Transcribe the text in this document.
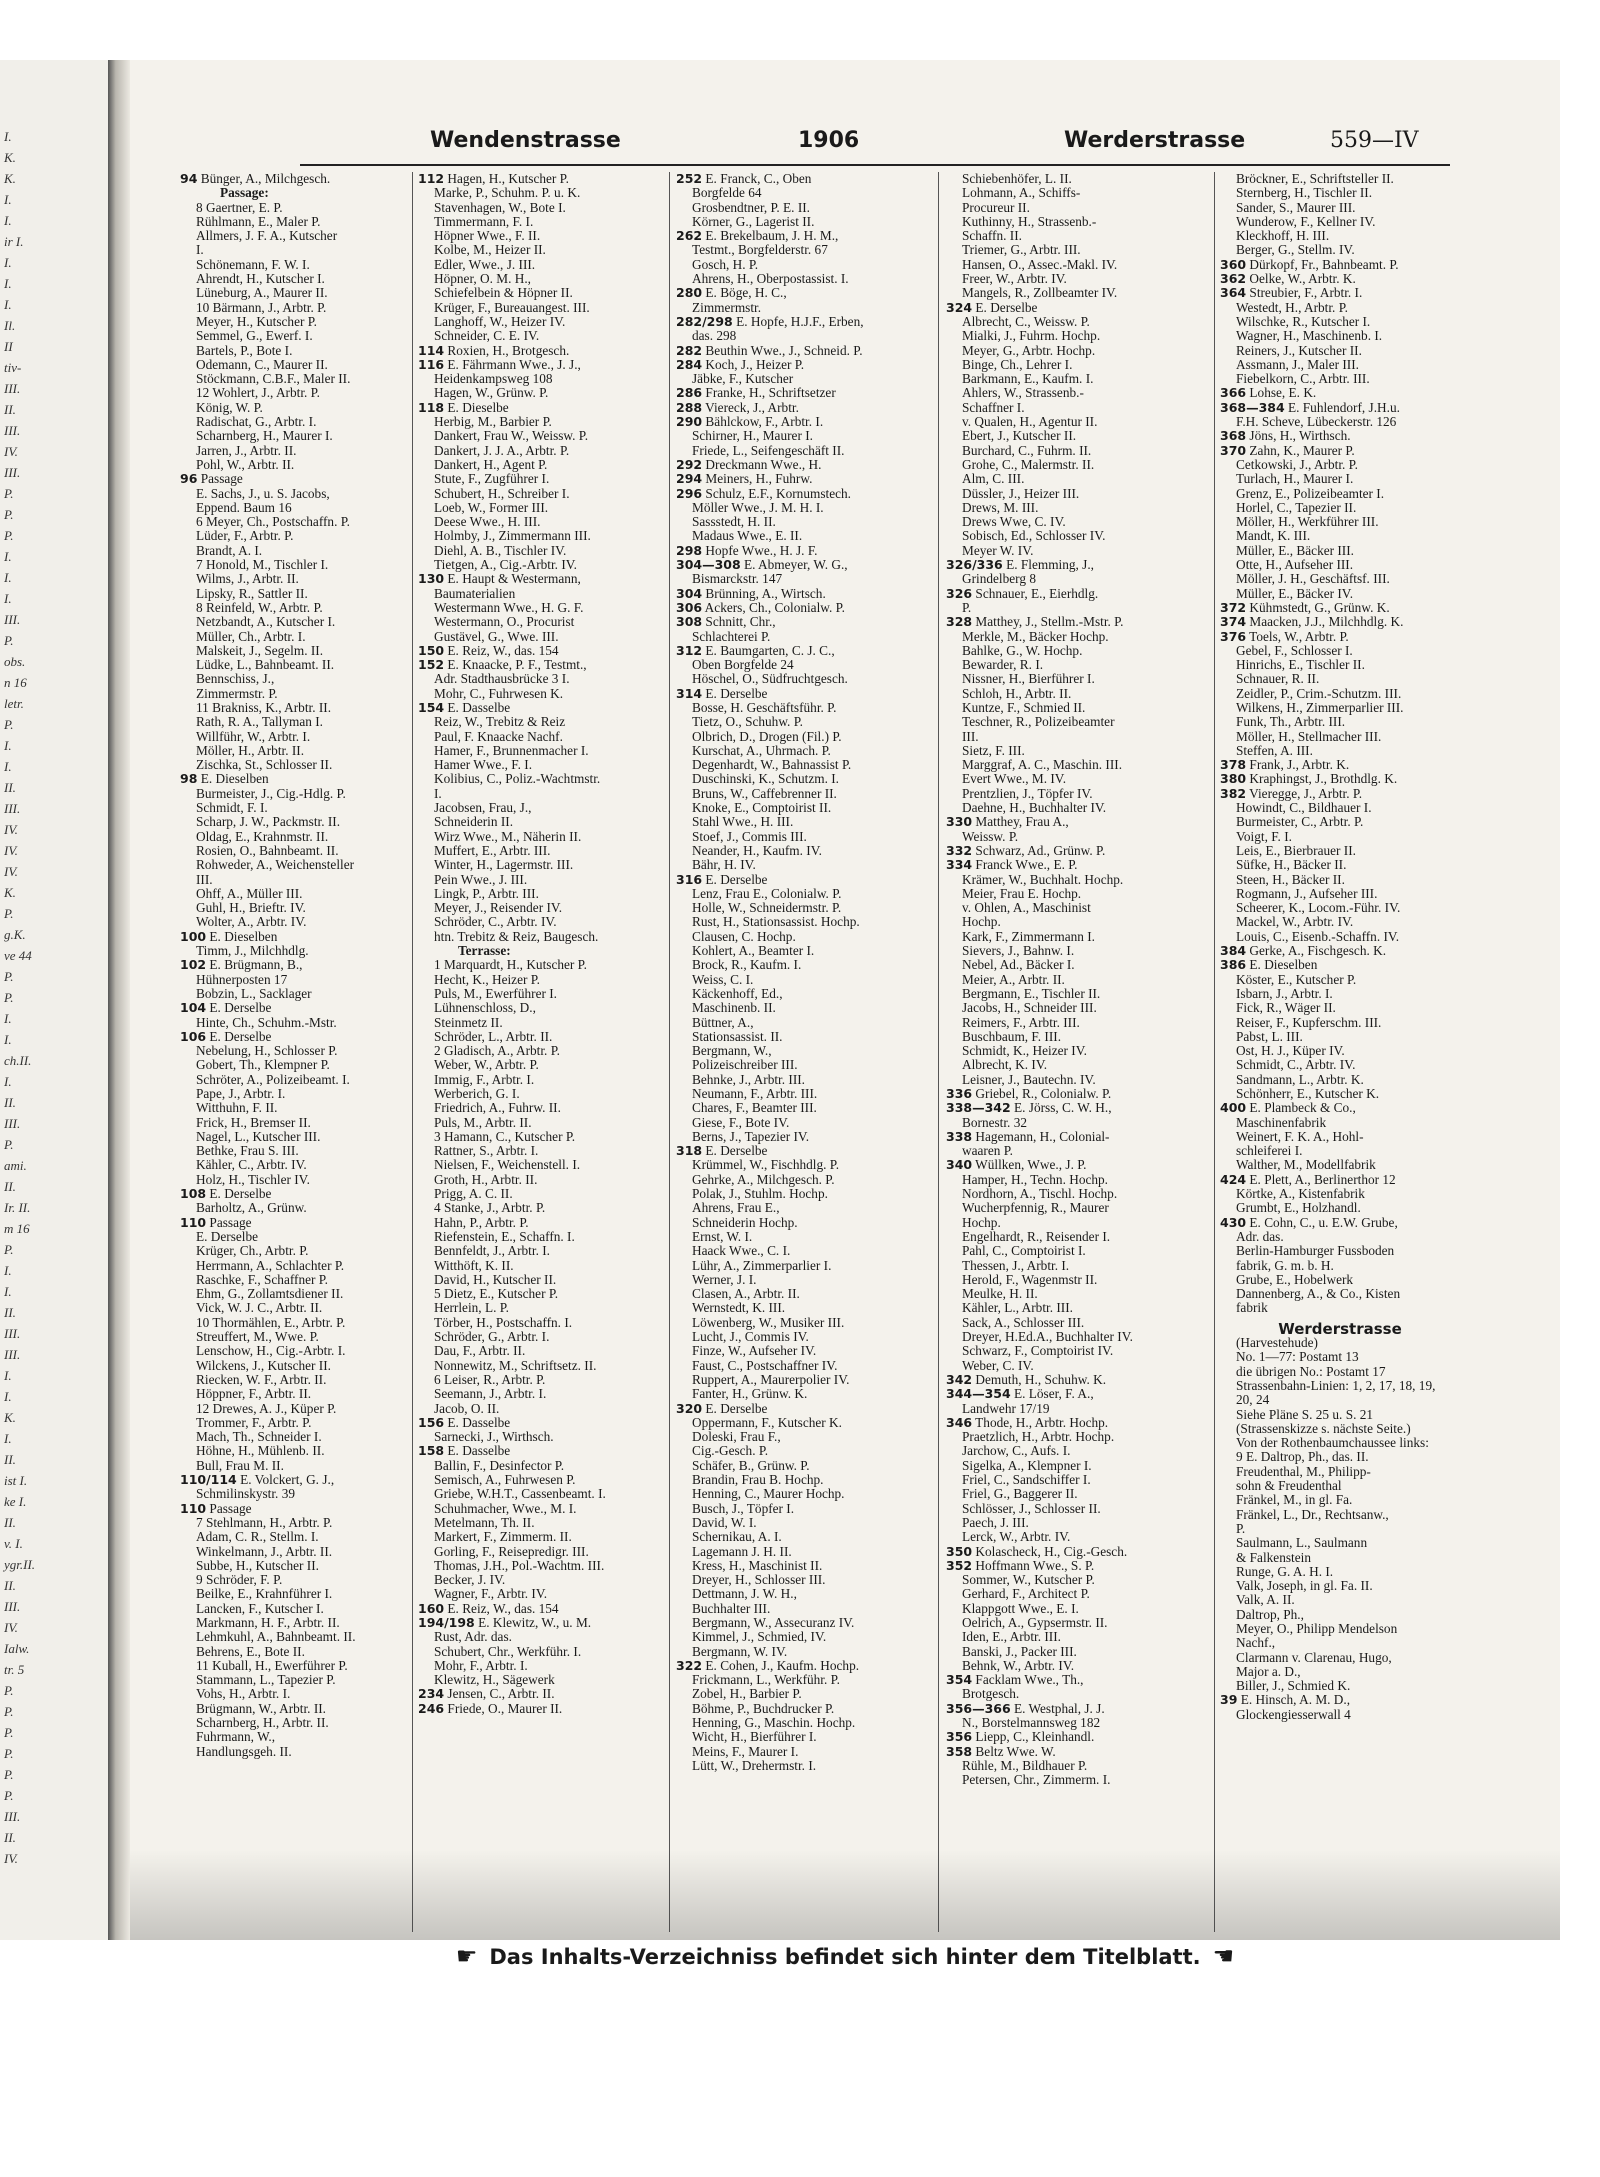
I.
K.
K.
I.
I.
ir I.
I.
I.
I.
Il.
II
tiv-
III.
II.
III.
IV.
III.
P.
P.
P.
I.
I.
I.
III.
P.
obs.
n 16
letr.
P.
I.
I.
II.
III.
IV.
IV.
IV.
K.
P.
g.K.
ve 44
P.
P.
I.
I.
ch.II.
I.
II.
III.
P.
ami.
II.
Ir. II.
m 16
P.
I.
I.
II.
III.
III.
I.
I.
K.
I.
II.
ist I.
ke I.
II.
v. I.
ygr.II.
II.
III.
IV.
Ialw.
tr. 5
P.
P.
P.
P.
P.
P.
III.
II.
IV.
Wendenstrasse	1906	Werderstrasse	559—IV
94 Bünger, A., Milchgesch.
Passage:
8 Gaertner, E. P.
Rühlmann, E., Maler P.
Allmers, J. F. A., Kutscher
I.
Schönemann, F. W. I.
Ahrendt, H., Kutscher I.
Lüneburg, A., Maurer II.
10 Bärmann, J., Arbtr. P.
Meyer, H., Kutscher P.
Semmel, G., Ewerf. I.
Bartels, P., Bote I.
Odemann, C., Maurer II.
Stöckmann, C.B.F., Maler II.
12 Wohlert, J., Arbtr. P.
König, W. P.
Radischat, G., Arbtr. I.
Scharnberg, H., Maurer I.
Jarren, J., Arbtr. II.
Pohl, W., Arbtr. II.
96 Passage
E. Sachs, J., u. S. Jacobs,
Eppend. Baum 16
6 Meyer, Ch., Postschaffn. P.
Lüder, F., Arbtr. P.
Brandt, A. I.
7 Honold, M., Tischler I.
Wilms, J., Arbtr. II.
Lipsky, R., Sattler II.
8 Reinfeld, W., Arbtr. P.
Netzbandt, A., Kutscher I.
Müller, Ch., Arbtr. I.
Malskeit, J., Segelm. II.
Lüdke, L., Bahnbeamt. II.
Bennschiss, J.,
Zimmermstr. P.
11 Brakniss, K., Arbtr. II.
Rath, R. A., Tallyman I.
Willführ, W., Arbtr. I.
Möller, H., Arbtr. II.
Zischka, St., Schlosser II.
98 E. Dieselben
Burmeister, J., Cig.-Hdlg. P.
Schmidt, F. I.
Scharp, J. W., Packmstr. II.
Oldag, E., Krahnmstr. II.
Rosien, O., Bahnbeamt. II.
Rohweder, A., Weichensteller
III.
Ohff, A., Müller III.
Guhl, H., Brieftr. IV.
Wolter, A., Arbtr. IV.
100 E. Dieselben
Timm, J., Milchhdlg.
102 E. Brügmann, B.,
Hühnerposten 17
Bobzin, L., Sacklager
104 E. Derselbe
Hinte, Ch., Schuhm.-Mstr.
106 E. Derselbe
Nebelung, H., Schlosser P.
Gobert, Th., Klempner P.
Schröter, A., Polizeibeamt. I.
Pape, J., Arbtr. I.
Witthuhn, F. II.
Frick, H., Bremser II.
Nagel, L., Kutscher III.
Bethke, Frau S. III.
Kähler, C., Arbtr. IV.
Holz, H., Tischler IV.
108 E. Derselbe
Barholtz, A., Grünw.
110 Passage
E. Derselbe
Krüger, Ch., Arbtr. P.
Herrmann, A., Schlachter P.
Raschke, F., Schaffner P.
Ehm, G., Zollamtsdiener II.
Vick, W. J. C., Arbtr. II.
10 Thormählen, E., Arbtr. P.
Streuffert, M., Wwe. P.
Lenschow, H., Cig.-Arbtr. I.
Wilckens, J., Kutscher II.
Riecken, W. F., Arbtr. II.
Höppner, F., Arbtr. II.
12 Drewes, A. J., Küper P.
Trommer, F., Arbtr. P.
Mach, Th., Schneider I.
Höhne, H., Mühlenb. II.
Bull, Frau M. II.
110/114 E. Volckert, G. J.,
Schmilinskystr. 39
110 Passage
7 Stehlmann, H., Arbtr. P.
Adam, C. R., Stellm. I.
Winkelmann, J., Arbtr. II.
Subbe, H., Kutscher II.
9 Schröder, F. P.
Beilke, E., Krahnführer I.
Lancken, F., Kutscher I.
Markmann, H. F., Arbtr. II.
Lehmkuhl, A., Bahnbeamt. II.
Behrens, E., Bote II.
11 Kuball, H., Ewerführer P.
Stammann, L., Tapezier P.
Vohs, H., Arbtr. I.
Brügmann, W., Arbtr. II.
Scharnberg, H., Arbtr. II.
Fuhrmann, W.,
Handlungsgeh. II.
112 Hagen, H., Kutscher P.
Marke, P., Schuhm. P. u. K.
Stavenhagen, W., Bote I.
Timmermann, F. I.
Höpner Wwe., F. II.
Kolbe, M., Heizer II.
Edler, Wwe., J. III.
Höpner, O. M. H.,
Schiefelbein & Höpner II.
Krüger, F., Bureauangest. III.
Langhoff, W., Heizer IV.
Schneider, C. E. IV.
114 Roxien, H., Brotgesch.
116 E. Fährmann Wwe., J. J.,
Heidenkampsweg 108
Hagen, W., Grünw. P.
118 E. Dieselbe
Herbig, M., Barbier P.
Dankert, Frau W., Weissw. P.
Dankert, J. J. A., Arbtr. P.
Dankert, H., Agent P.
Stute, F., Zugführer I.
Schubert, H., Schreiber I.
Loeb, W., Former III.
Deese Wwe., H. III.
Holmby, J., Zimmermann III.
Diehl, A. B., Tischler IV.
Tietgen, A., Cig.-Arbtr. IV.
130 E. Haupt & Westermann,
Baumaterialien
Westermann Wwe., H. G. F.
Westermann, O., Procurist
Gustävel, G., Wwe. III.
150 E. Reiz, W., das. 154
152 E. Knaacke, P. F., Testmt.,
Adr. Stadthausbrücke 3 I.
Mohr, C., Fuhrwesen K.
154 E. Dasselbe
Reiz, W., Trebitz & Reiz
Paul, F. Knaacke Nachf.
Hamer, F., Brunnenmacher I.
Hamer Wwe., F. I.
Kolibius, C., Poliz.-Wachtmstr.
I.
Jacobsen, Frau, J.,
Schneiderin II.
Wirz Wwe., M., Näherin II.
Muffert, E., Arbtr. III.
Winter, H., Lagermstr. III.
Pein Wwe., J. III.
Lingk, P., Arbtr. III.
Meyer, J., Reisender IV.
Schröder, C., Arbtr. IV.
htn. Trebitz & Reiz, Baugesch.
Terrasse:
1 Marquardt, H., Kutscher P.
Hecht, K., Heizer P.
Puls, M., Ewerführer I.
Lühnenschloss, D.,
Steinmetz II.
Schröder, L., Arbtr. II.
2 Gladisch, A., Arbtr. P.
Weber, W., Arbtr. P.
Immig, F., Arbtr. I.
Werberich, G. I.
Friedrich, A., Fuhrw. II.
Puls, M., Arbtr. II.
3 Hamann, C., Kutscher P.
Rattner, S., Arbtr. I.
Nielsen, F., Weichenstell. I.
Groth, H., Arbtr. II.
Prigg, A. C. II.
4 Stanke, J., Arbtr. P.
Hahn, P., Arbtr. P.
Riefenstein, E., Schaffn. I.
Bennfeldt, J., Arbtr. I.
Witthöft, K. II.
David, H., Kutscher II.
5 Dietz, E., Kutscher P.
Herrlein, L. P.
Törber, H., Postschaffn. I.
Schröder, G., Arbtr. I.
Dau, F., Arbtr. II.
Nonnewitz, M., Schriftsetz. II.
6 Leiser, R., Arbtr. P.
Seemann, J., Arbtr. I.
Jacob, O. II.
156 E. Dasselbe
Sarnecki, J., Wirthsch.
158 E. Dasselbe
Ballin, F., Desinfector P.
Semisch, A., Fuhrwesen P.
Griebe, W.H.T., Cassenbeamt. I.
Schuhmacher, Wwe., M. I.
Metelmann, Th. II.
Markert, F., Zimmerm. II.
Gorling, F., Reisepredigr. III.
Thomas, J.H., Pol.-Wachtm. III.
Becker, J. IV.
Wagner, F., Arbtr. IV.
160 E. Reiz, W., das. 154
194/198 E. Klewitz, W., u. M.
Rust, Adr. das.
Schubert, Chr., Werkführ. I.
Mohr, F., Arbtr. I.
Klewitz, H., Sägewerk
234 Jensen, C., Arbtr. II.
246 Friede, O., Maurer II.
252 E. Franck, C., Oben
Borgfelde 64
Grosbendtner, P. E. II.
Körner, G., Lagerist II.
262 E. Brekelbaum, J. H. M.,
Testmt., Borgfelderstr. 67
Gosch, H. P.
Ahrens, H., Oberpostassist. I.
280 E. Böge, H. C.,
Zimmermstr.
282/298 E. Hopfe, H.J.F., Erben,
das. 298
282 Beuthin Wwe., J., Schneid. P.
284 Koch, J., Heizer P.
Jäbke, F., Kutscher
286 Franke, H., Schriftsetzer
288 Viereck, J., Arbtr.
290 Bählckow, F., Arbtr. I.
Schirner, H., Maurer I.
Friede, L., Seifengeschäft II.
292 Dreckmann Wwe., H.
294 Meiners, H., Fuhrw.
296 Schulz, E.F., Kornumstech.
Möller Wwe., J. M. H. I.
Sassstedt, H. II.
Madaus Wwe., E. II.
298 Hopfe Wwe., H. J. F.
304—308 E. Abmeyer, W. G.,
Bismarckstr. 147
304 Brünning, A., Wirtsch.
306 Ackers, Ch., Colonialw. P.
308 Schnitt, Chr.,
Schlachterei P.
312 E. Baumgarten, C. J. C.,
Oben Borgfelde 24
Höschel, O., Südfruchtgesch.
314 E. Derselbe
Bosse, H. Geschäftsführ. P.
Tietz, O., Schuhw. P.
Olbrich, D., Drogen (Fil.) P.
Kurschat, A., Uhrmach. P.
Degenhardt, W., Bahnassist P.
Duschinski, K., Schutzm. I.
Bruns, W., Caffebrenner II.
Knoke, E., Comptoirist II.
Stahl Wwe., H. III.
Stoef, J., Commis III.
Neander, H., Kaufm. IV.
Bähr, H. IV.
316 E. Derselbe
Lenz, Frau E., Colonialw. P.
Holle, W., Schneidermstr. P.
Rust, H., Stationsassist. Hochp.
Clausen, C. Hochp.
Kohlert, A., Beamter I.
Brock, R., Kaufm. I.
Weiss, C. I.
Käckenhoff, Ed.,
Maschinenb. II.
Büttner, A.,
Stationsassist. II.
Bergmann, W.,
Polizeischreiber III.
Behnke, J., Arbtr. III.
Neumann, F., Arbtr. III.
Chares, F., Beamter III.
Giese, F., Bote IV.
Berns, J., Tapezier IV.
318 E. Derselbe
Krümmel, W., Fischhdlg. P.
Gehrke, A., Milchgesch. P.
Polak, J., Stuhlm. Hochp.
Ahrens, Frau E.,
Schneiderin Hochp.
Ernst, W. I.
Haack Wwe., C. I.
Lühr, A., Zimmerparlier I.
Werner, J. I.
Clasen, A., Arbtr. II.
Wernstedt, K. III.
Löwenberg, W., Musiker III.
Lucht, J., Commis IV.
Finze, W., Aufseher IV.
Faust, C., Postschaffner IV.
Ruppert, A., Maurerpolier IV.
Fanter, H., Grünw. K.
320 E. Derselbe
Oppermann, F., Kutscher K.
Doleski, Frau F.,
Cig.-Gesch. P.
Schäfer, B., Grünw. P.
Brandin, Frau B. Hochp.
Henning, C., Maurer Hochp.
Busch, J., Töpfer I.
David, W. I.
Schernikau, A. I.
Lagemann J. H. II.
Kress, H., Maschinist II.
Dreyer, H., Schlosser III.
Dettmann, J. W. H.,
Buchhalter III.
Bergmann, W., Assecuranz IV.
Kimmel, J., Schmied, IV.
Bergmann, W. IV.
322 E. Cohen, J., Kaufm. Hochp.
Frickmann, L., Werkführ. P.
Zobel, H., Barbier P.
Böhme, P., Buchdrucker P.
Henning, G., Maschin. Hochp.
Wicht, H., Bierführer I.
Meins, F., Maurer I.
Lütt, W., Drehermstr. I.
Schiebenhöfer, L. II.
Lohmann, A., Schiffs-
Procureur II.
Kuthinny, H., Strassenb.-
Schaffn. II.
Triemer, G., Arbtr. III.
Hansen, O., Assec.-Makl. IV.
Freer, W., Arbtr. IV.
Mangels, R., Zollbeamter IV.
324 E. Derselbe
Albrecht, C., Weissw. P.
Mialki, J., Fuhrm. Hochp.
Meyer, G., Arbtr. Hochp.
Binge, Ch., Lehrer I.
Barkmann, E., Kaufm. I.
Ahlers, W., Strassenb.-
Schaffner I.
v. Qualen, H., Agentur II.
Ebert, J., Kutscher II.
Burchard, C., Fuhrm. II.
Grohe, C., Malermstr. II.
Alm, C. III.
Düssler, J., Heizer III.
Drews, M. III.
Drews Wwe, C. IV.
Sobisch, Ed., Schlosser IV.
Meyer W. IV.
326/336 E. Flemming, J.,
Grindelberg 8
326 Schnauer, E., Eierhdlg.
P.
328 Matthey, J., Stellm.-Mstr. P.
Merkle, M., Bäcker Hochp.
Bahlke, G., W. Hochp.
Bewarder, R. I.
Nissner, H., Bierführer I.
Schloh, H., Arbtr. II.
Kuntze, F., Schmied II.
Teschner, R., Polizeibeamter
III.
Sietz, F. III.
Marggraf, A. C., Maschin. III.
Evert Wwe., M. IV.
Prentzlien, J., Töpfer IV.
Daehne, H., Buchhalter IV.
330 Matthey, Frau A.,
Weissw. P.
332 Schwarz, Ad., Grünw. P.
334 Franck Wwe., E. P.
Krämer, W., Buchhalt. Hochp.
Meier, Frau E. Hochp.
v. Ohlen, A., Maschinist
Hochp.
Kark, F., Zimmermann I.
Sievers, J., Bahnw. I.
Nebel, Ad., Bäcker I.
Meier, A., Arbtr. II.
Bergmann, E., Tischler II.
Jacobs, H., Schneider III.
Reimers, F., Arbtr. III.
Buschbaum, F. III.
Schmidt, K., Heizer IV.
Albrecht, K. IV.
Leisner, J., Bautechn. IV.
336 Griebel, R., Colonialw. P.
338—342 E. Jörss, C. W. H.,
Bornestr. 32
338 Hagemann, H., Colonial-
waaren P.
340 Wüllken, Wwe., J. P.
Hamper, H., Techn. Hochp.
Nordhorn, A., Tischl. Hochp.
Wucherpfennig, R., Maurer
Hochp.
Engelhardt, R., Reisender I.
Pahl, C., Comptoirist I.
Thessen, J., Arbtr. I.
Herold, F., Wagenmstr II.
Meulke, H. II.
Kähler, L., Arbtr. III.
Sack, A., Schlosser III.
Dreyer, H.Ed.A., Buchhalter IV.
Schwarz, F., Comptoirist IV.
Weber, C. IV.
342 Demuth, H., Schuhw. K.
344—354 E. Löser, F. A.,
Landwehr 17/19
346 Thode, H., Arbtr. Hochp.
Praetzlich, H., Arbtr. Hochp.
Jarchow, C., Aufs. I.
Sigelka, A., Klempner I.
Friel, C., Sandschiffer I.
Friel, G., Baggerer II.
Schlösser, J., Schlosser II.
Paech, J. III.
Lerck, W., Arbtr. IV.
350 Kolascheck, H., Cig.-Gesch.
352 Hoffmann Wwe., S. P.
Sommer, W., Kutscher P.
Gerhard, F., Architect P.
Klappgott Wwe., E. I.
Oelrich, A., Gypsermstr. II.
Iden, E., Arbtr. III.
Banski, J., Packer III.
Behnk, W., Arbtr. IV.
354 Facklam Wwe., Th.,
Brotgesch.
356—366 E. Westphal, J. J.
N., Borstelmannsweg 182
356 Liepp, C., Kleinhandl.
358 Beltz Wwe. W.
Rühle, M., Bildhauer P.
Petersen, Chr., Zimmerm. I.
Bröckner, E., Schriftsteller II.
Sternberg, H., Tischler II.
Sander, S., Maurer III.
Wunderow, F., Kellner IV.
Kleckhoff, H. III.
Berger, G., Stellm. IV.
360 Dürkopf, Fr., Bahnbeamt. P.
362 Oelke, W., Arbtr. K.
364 Streubier, F., Arbtr. I.
Westedt, H., Arbtr. P.
Wilschke, R., Kutscher I.
Wagner, H., Maschinenb. I.
Reiners, J., Kutscher II.
Assmann, J., Maler III.
Fiebelkorn, C., Arbtr. III.
366 Lohse, E. K.
368—384 E. Fuhlendorf, J.H.u.
F.H. Scheve, Lübeckerstr. 126
368 Jöns, H., Wirthsch.
370 Zahn, K., Maurer P.
Cetkowski, J., Arbtr. P.
Turlach, H., Maurer I.
Grenz, E., Polizeibeamter I.
Horlel, C., Tapezier II.
Möller, H., Werkführer III.
Mandt, K. III.
Müller, E., Bäcker III.
Otte, H., Aufseher III.
Möller, J. H., Geschäftsf. III.
Müller, E., Bäcker IV.
372 Kühmstedt, G., Grünw. K.
374 Maacken, J.J., Milchhdlg. K.
376 Toels, W., Arbtr. P.
Gebel, F., Schlosser I.
Hinrichs, E., Tischler II.
Schnauer, R. II.
Zeidler, P., Crim.-Schutzm. III.
Wilkens, H., Zimmerparlier III.
Funk, Th., Arbtr. III.
Möller, H., Stellmacher III.
Steffen, A. III.
378 Frank, J., Arbtr. K.
380 Kraphingst, J., Brothdlg. K.
382 Vieregge, J., Arbtr. P.
Howindt, C., Bildhauer I.
Burmeister, C., Arbtr. P.
Voigt, F. I.
Leis, E., Bierbrauer II.
Süfke, H., Bäcker II.
Steen, H., Bäcker II.
Rogmann, J., Aufseher III.
Scheerer, K., Locom.-Führ. IV.
Mackel, W., Arbtr. IV.
Louis, C., Eisenb.-Schaffn. IV.
384 Gerke, A., Fischgesch. K.
386 E. Dieselben
Köster, E., Kutscher P.
Isbarn, J., Arbtr. I.
Fick, R., Wäger II.
Reiser, F., Kupferschm. III.
Pabst, L. III.
Ost, H. J., Küper IV.
Schmidt, C., Arbtr. IV.
Sandmann, L., Arbtr. K.
Schönherr, E., Kutscher K.
400 E. Plambeck & Co.,
Maschinenfabrik
Weinert, F. K. A., Hohl-
schleiferei I.
Walther, M., Modellfabrik
424 E. Plett, A., Berlinerthor 12
Körtke, A., Kistenfabrik
Grumbt, E., Holzhandl.
430 E. Cohn, C., u. E.W. Grube,
Adr. das.
Berlin-Hamburger Fussboden
fabrik, G. m. b. H.
Grube, E., Hobelwerk
Dannenberg, A., & Co., Kisten
fabrik
Werderstrasse
(Harvestehude)
No. 1—77: Postamt 13
die übrigen No.: Postamt 17
Strassenbahn-Linien: 1, 2, 17, 18, 19,
20, 24
Siehe Pläne S. 25 u. S. 21
(Strassenskizze s. nächste Seite.)
Von der Rothenbaumchaussee links:
9 E. Daltrop, Ph., das. II.
Freudenthal, M., Philipp-
sohn & Freudenthal
Fränkel, M., in gl. Fa.
Fränkel, L., Dr., Rechtsanw.,
P.
Saulmann, L., Saulmann
& Falkenstein
Runge, G. A. H. I.
Valk, Joseph, in gl. Fa. II.
Valk, A. II.
Daltrop, Ph.,
Meyer, O., Philipp Mendelson
Nachf.,
Clarmann v. Clarenau, Hugo,
Major a. D.,
Biller, J., Schmied K.
39 E. Hinsch, A. M. D.,
Glockengiesserwall 4
☛ Das Inhalts-Verzeichniss befindet sich hinter dem Titelblatt. ☚
